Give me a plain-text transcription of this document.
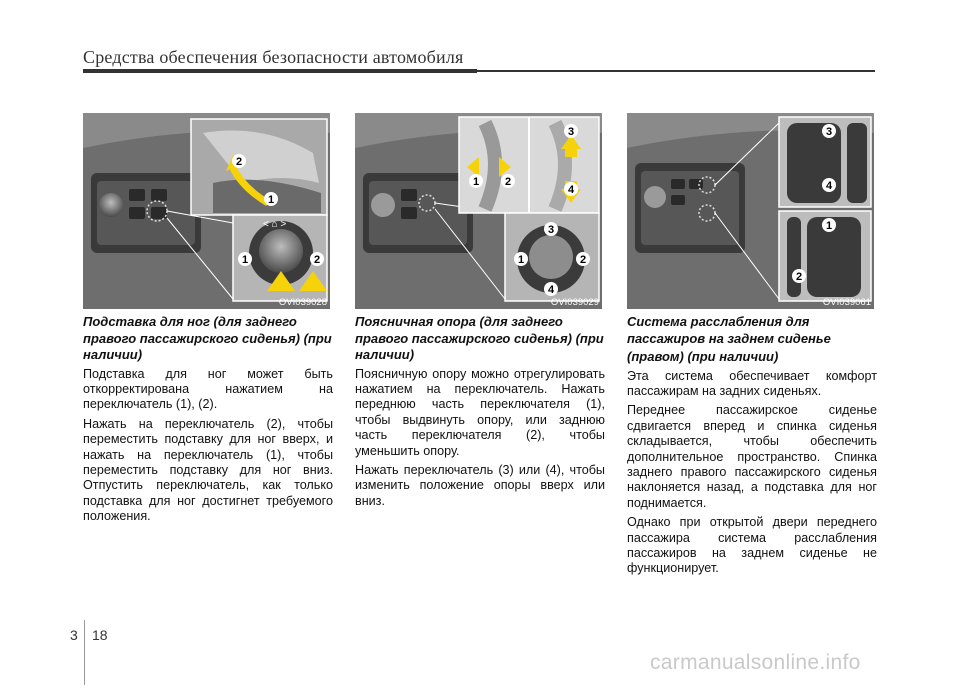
Средства обеспечения безопасности автомобиля
< ⌂ >
2
1
1	2
OVI039028
1 2
3
4
3
1	2
4
OVI039029
3
4
1
2
OVI039061

Подставка для ног (для заднего правого пассажирского сиденья) (при наличии)

Подставка для ног может быть откорректирована нажатием на переключатель (1), (2).

Нажать на переключатель (2), чтобы переместить подставку для ног вверх, и нажать на переключатель (1), чтобы переместить подставку для ног вниз. Отпустить переключатель, как только подставка для ног достигнет требуемого положения.

Поясничная опора (для заднего правого пассажирского сиденья) (при наличии)

Поясничную опору можно отрегулировать нажатием на переключатель. Нажать переднюю часть переключателя (1), чтобы выдвинуть опору, или заднюю часть переключателя (2), чтобы уменьшить опору.

Нажать переключатель (3) или (4), чтобы изменить положение опоры вверх или вниз.

Система расслабления для пассажиров на заднем сиденье

(правом) (при наличии)

Эта система обеспечивает комфорт пассажирам на задних сиденьях.

Переднее пассажирское сиденье сдвигается вперед и спинка сиденья складывается, чтобы обеспечить дополнительное пространство. Спинка заднего правого пассажирского сиденья наклоняется назад, а подставка для ног поднимается.

Однако при открытой двери переднего пассажира система расслабления пассажиров на заднем сиденье не функционирует.

3 18
carmanualsonline.info
